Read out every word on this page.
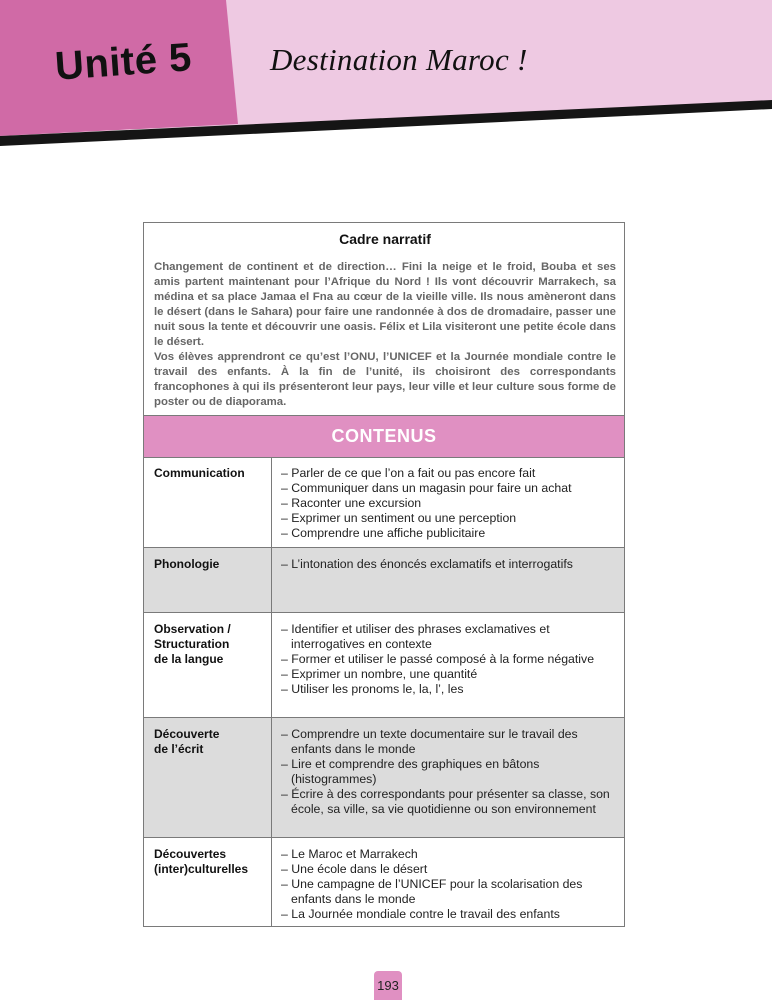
Unité 5 Destination Maroc !
Cadre narratif

Changement de continent et de direction… Fini la neige et le froid, Bouba et ses amis partent maintenant pour l’Afrique du Nord ! Ils vont découvrir Marrakech, sa médina et sa place Jamaa el Fna au cœur de la vieille ville. Ils nous amèneront dans le désert (dans le Sahara) pour faire une randonnée à dos de dromadaire, passer une nuit sous la tente et découvrir une oasis. Félix et Lila visiteront une petite école dans le désert.

Vos élèves apprendront ce qu’est l’ONU, l’UNICEF et la Journée mondiale contre le travail des enfants. À la fin de l’unité, ils choisiront des correspondants francophones à qui ils présenteront leur pays, leur ville et leur culture sous forme de poster ou de diaporama.

CONTENUS
Communication	– Parler de ce que l’on a fait ou pas encore fait
– Communiquer dans un magasin pour faire un achat
– Raconter une excursion
– Exprimer un sentiment ou une perception
– Comprendre une affiche publicitaire
Phonologie	– L’intonation des énoncés exclamatifs et interrogatifs
Observation /
Structuration
de la langue
– Identifier et utiliser des phrases exclamatives et interrogatives en contexte
– Former et utiliser le passé composé à la forme négative
– Exprimer un nombre, une quantité
– Utiliser les pronoms le, la, l’, les
Découverte
de l’écrit
– Comprendre un texte documentaire sur le travail des enfants dans le monde
– Lire et comprendre des graphiques en bâtons (histogrammes)
– Écrire à des correspondants pour présenter sa classe, son école, sa ville, sa vie quotidienne ou son environnement
Découvertes
(inter)culturelles
– Le Maroc et Marrakech
– Une école dans le désert
– Une campagne de l’UNICEF pour la scolarisation des enfants dans le monde
– La Journée mondiale contre le travail des enfants
193
